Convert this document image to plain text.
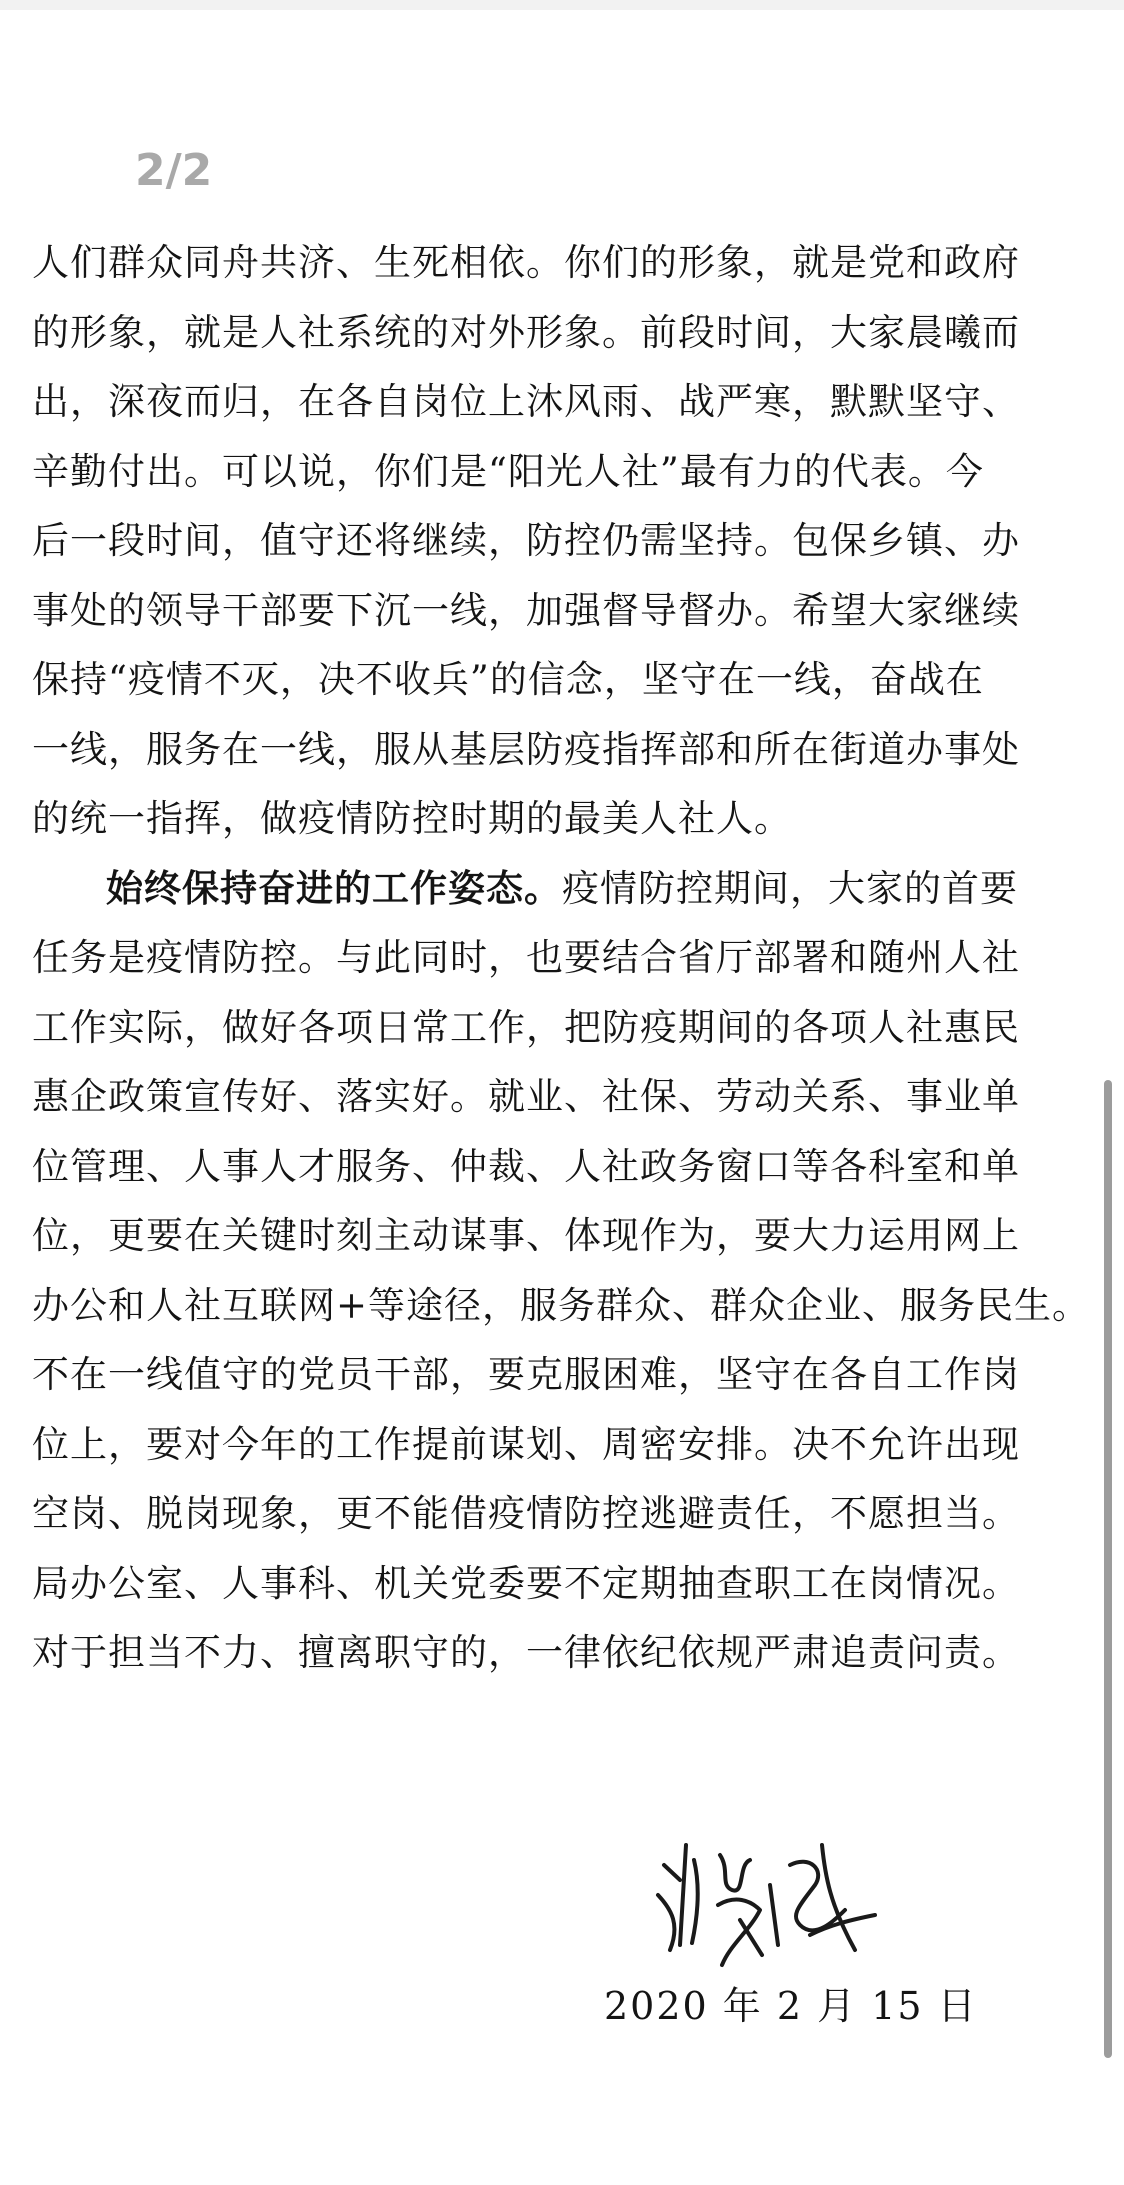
2/2
人们群众同舟共济、生死相依。你们的形象，就是党和政府
的形象，就是人社系统的对外形象。前段时间，大家晨曦而
出，深夜而归，在各自岗位上沐风雨、战严寒，默默坚守、
辛勤付出。可以说，你们是“阳光人社”最有力的代表。今
后一段时间，值守还将继续，防控仍需坚持。包保乡镇、办
事处的领导干部要下沉一线，加强督导督办。希望大家继续
保持“疫情不灭，决不收兵”的信念，坚守在一线，奋战在
一线，服务在一线，服从基层防疫指挥部和所在街道办事处
的统一指挥，做疫情防控时期的最美人社人。
始终保持奋进的工作姿态。疫情防控期间，大家的首要
任务是疫情防控。与此同时，也要结合省厅部署和随州人社
工作实际，做好各项日常工作，把防疫期间的各项人社惠民
惠企政策宣传好、落实好。就业、社保、劳动关系、事业单
位管理、人事人才服务、仲裁、人社政务窗口等各科室和单
位，更要在关键时刻主动谋事、体现作为，要大力运用网上
办公和人社互联网+等途径，服务群众、群众企业、服务民生。
不在一线值守的党员干部，要克服困难，坚守在各自工作岗
位上，要对今年的工作提前谋划、周密安排。决不允许出现
空岗、脱岗现象，更不能借疫情防控逃避责任，不愿担当。
局办公室、人事科、机关党委要不定期抽查职工在岗情况。
对于担当不力、擅离职守的，一律依纪依规严肃追责问责。
2020 年 2 月 15 日
